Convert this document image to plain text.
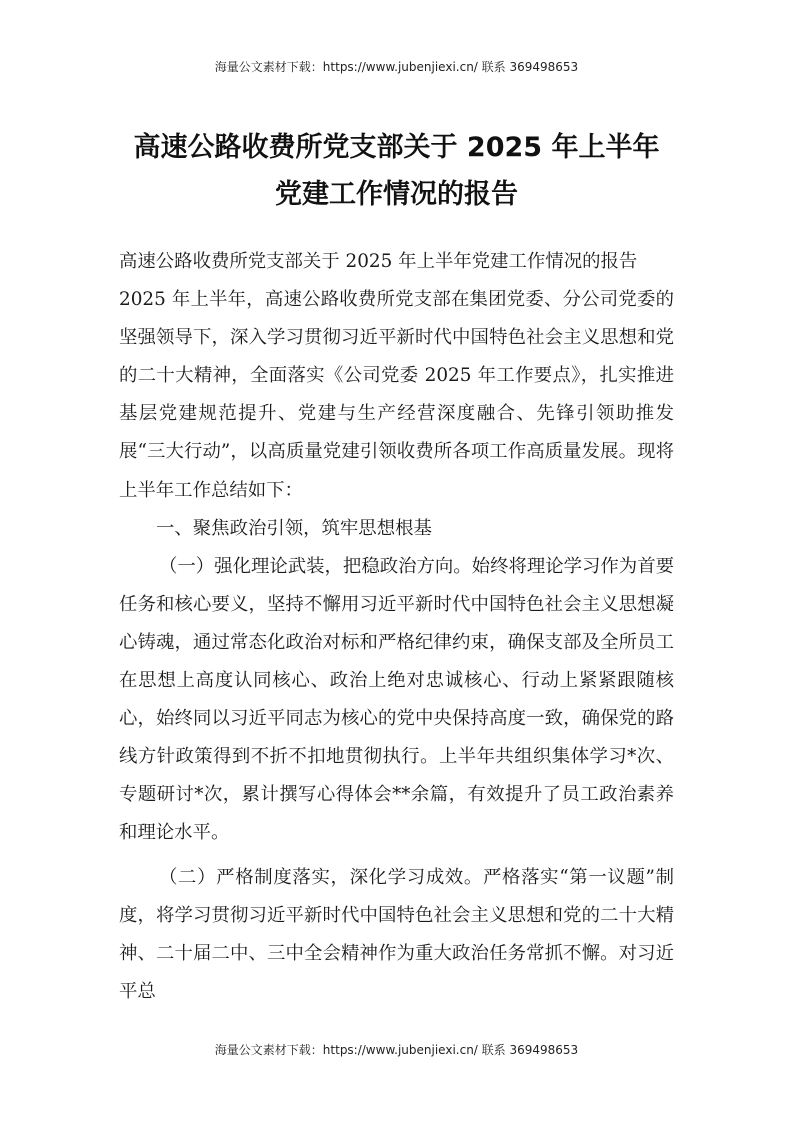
海量公文素材下载：https://www.jubenjiexi.cn/ 联系 369498653
高速公路收费所党支部关于 2025 年上半年
党建工作情况的报告

高速公路收费所党支部关于 2025 年上半年党建工作情况的报告

2025 年上半年，高速公路收费所党支部在集团党委、分公司党委的坚强领导下，深入学习贯彻习近平新时代中国特色社会主义思想和党的二十大精神，全面落实《公司党委 2025 年工作要点》，扎实推进基层党建规范提升、党建与生产经营深度融合、先锋引领助推发展“三大行动”，以高质量党建引领收费所各项工作高质量发展。现将上半年工作总结如下：

一、聚焦政治引领，筑牢思想根基

（一）强化理论武装，把稳政治方向。始终将理论学习作为首要任务和核心要义，坚持不懈用习近平新时代中国特色社会主义思想凝心铸魂，通过常态化政治对标和严格纪律约束，确保支部及全所员工在思想上高度认同核心、政治上绝对忠诚核心、行动上紧紧跟随核心，始终同以习近平同志为核心的党中央保持高度一致，确保党的路线方针政策得到不折不扣地贯彻执行。上半年共组织集体学习*次、专题研讨*次，累计撰写心得体会**余篇，有效提升了员工政治素养和理论水平。

（二）严格制度落实，深化学习成效。严格落实“第一议题”制度，将学习贯彻习近平新时代中国特色社会主义思想和党的二十大精神、二十届二中、三中全会精神作为重大政治任务常抓不懈。对习近平总

海量公文素材下载：https://www.jubenjiexi.cn/ 联系 369498653
